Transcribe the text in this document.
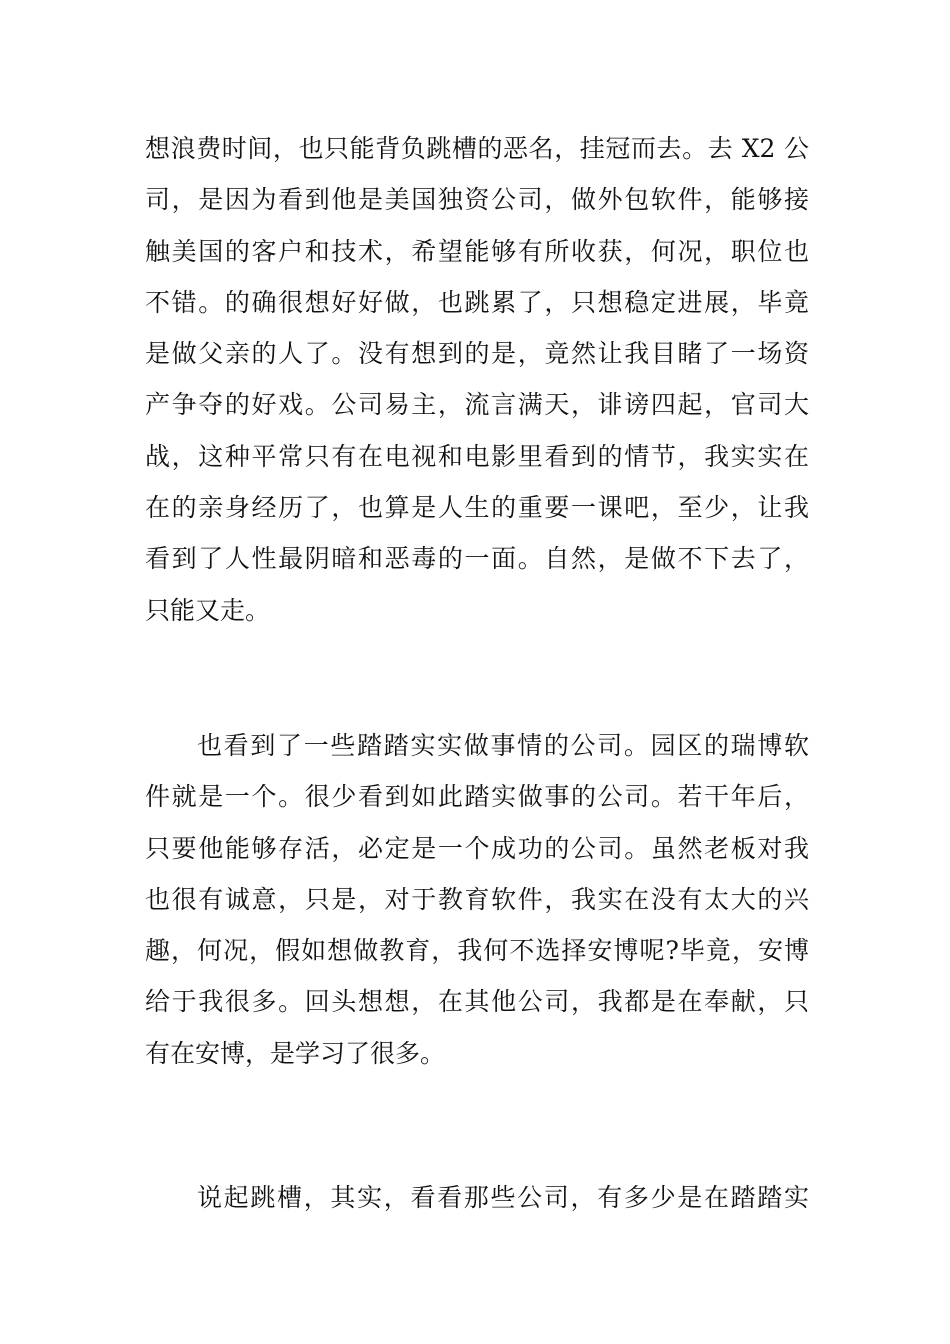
想浪费时间，也只能背负跳槽的恶名，挂冠而去。去 X2 公
司，是因为看到他是美国独资公司，做外包软件，能够接
触美国的客户和技术，希望能够有所收获，何况，职位也
不错。的确很想好好做，也跳累了，只想稳定进展，毕竟
是做父亲的人了。没有想到的是，竟然让我目睹了一场资
产争夺的好戏。公司易主，流言满天，诽谤四起，官司大
战，这种平常只有在电视和电影里看到的情节，我实实在
在的亲身经历了，也算是人生的重要一课吧，至少，让我
看到了人性最阴暗和恶毒的一面。自然，是做不下去了，
只能又走。
也看到了一些踏踏实实做事情的公司。园区的瑞博软
件就是一个。很少看到如此踏实做事的公司。若干年后，
只要他能够存活，必定是一个成功的公司。虽然老板对我
也很有诚意，只是，对于教育软件，我实在没有太大的兴
趣，何况，假如想做教育，我何不选择安博呢?毕竟，安博
给于我很多。回头想想，在其他公司，我都是在奉献，只
有在安博，是学习了很多。
说起跳槽，其实，看看那些公司，有多少是在踏踏实
